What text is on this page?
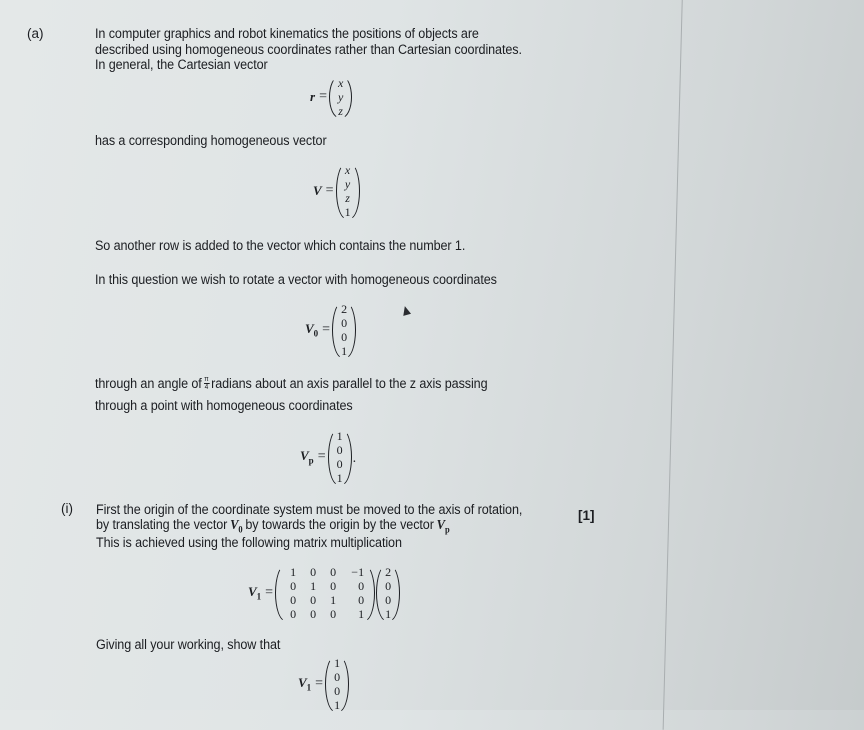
(a)	In computer graphics and robot kinematics the positions of objects are
described using homogeneous coordinates rather than Cartesian coordinates.
In general, the Cartesian vector
r =
x
y
z
has a corresponding homogeneous vector
V =
x
y
z
1
So another row is added to the vector which contains the number 1.
In this question we wish to rotate a vector with homogeneous coordinates
$V_0$ =
2
0
0
1
through an angle of $\frac{\pi}{4}$ radians about an axis parallel to the z axis passing
through a point with homogeneous coordinates
$V_p$ =
1
0
0
1
.
(i) First the origin of the coordinate system must be moved to the axis of rotation,	[1]
by translating the vector $V_0$ by towards the origin by the vector $V_p$
This is achieved using the following matrix multiplication
$V_1$ =
1
0
0
0
0
1
0
0
0
0
1
0
−1
0
0
1
2
0
0
1
Giving all your working, show that
$V_1$ =
1
0
0
1
